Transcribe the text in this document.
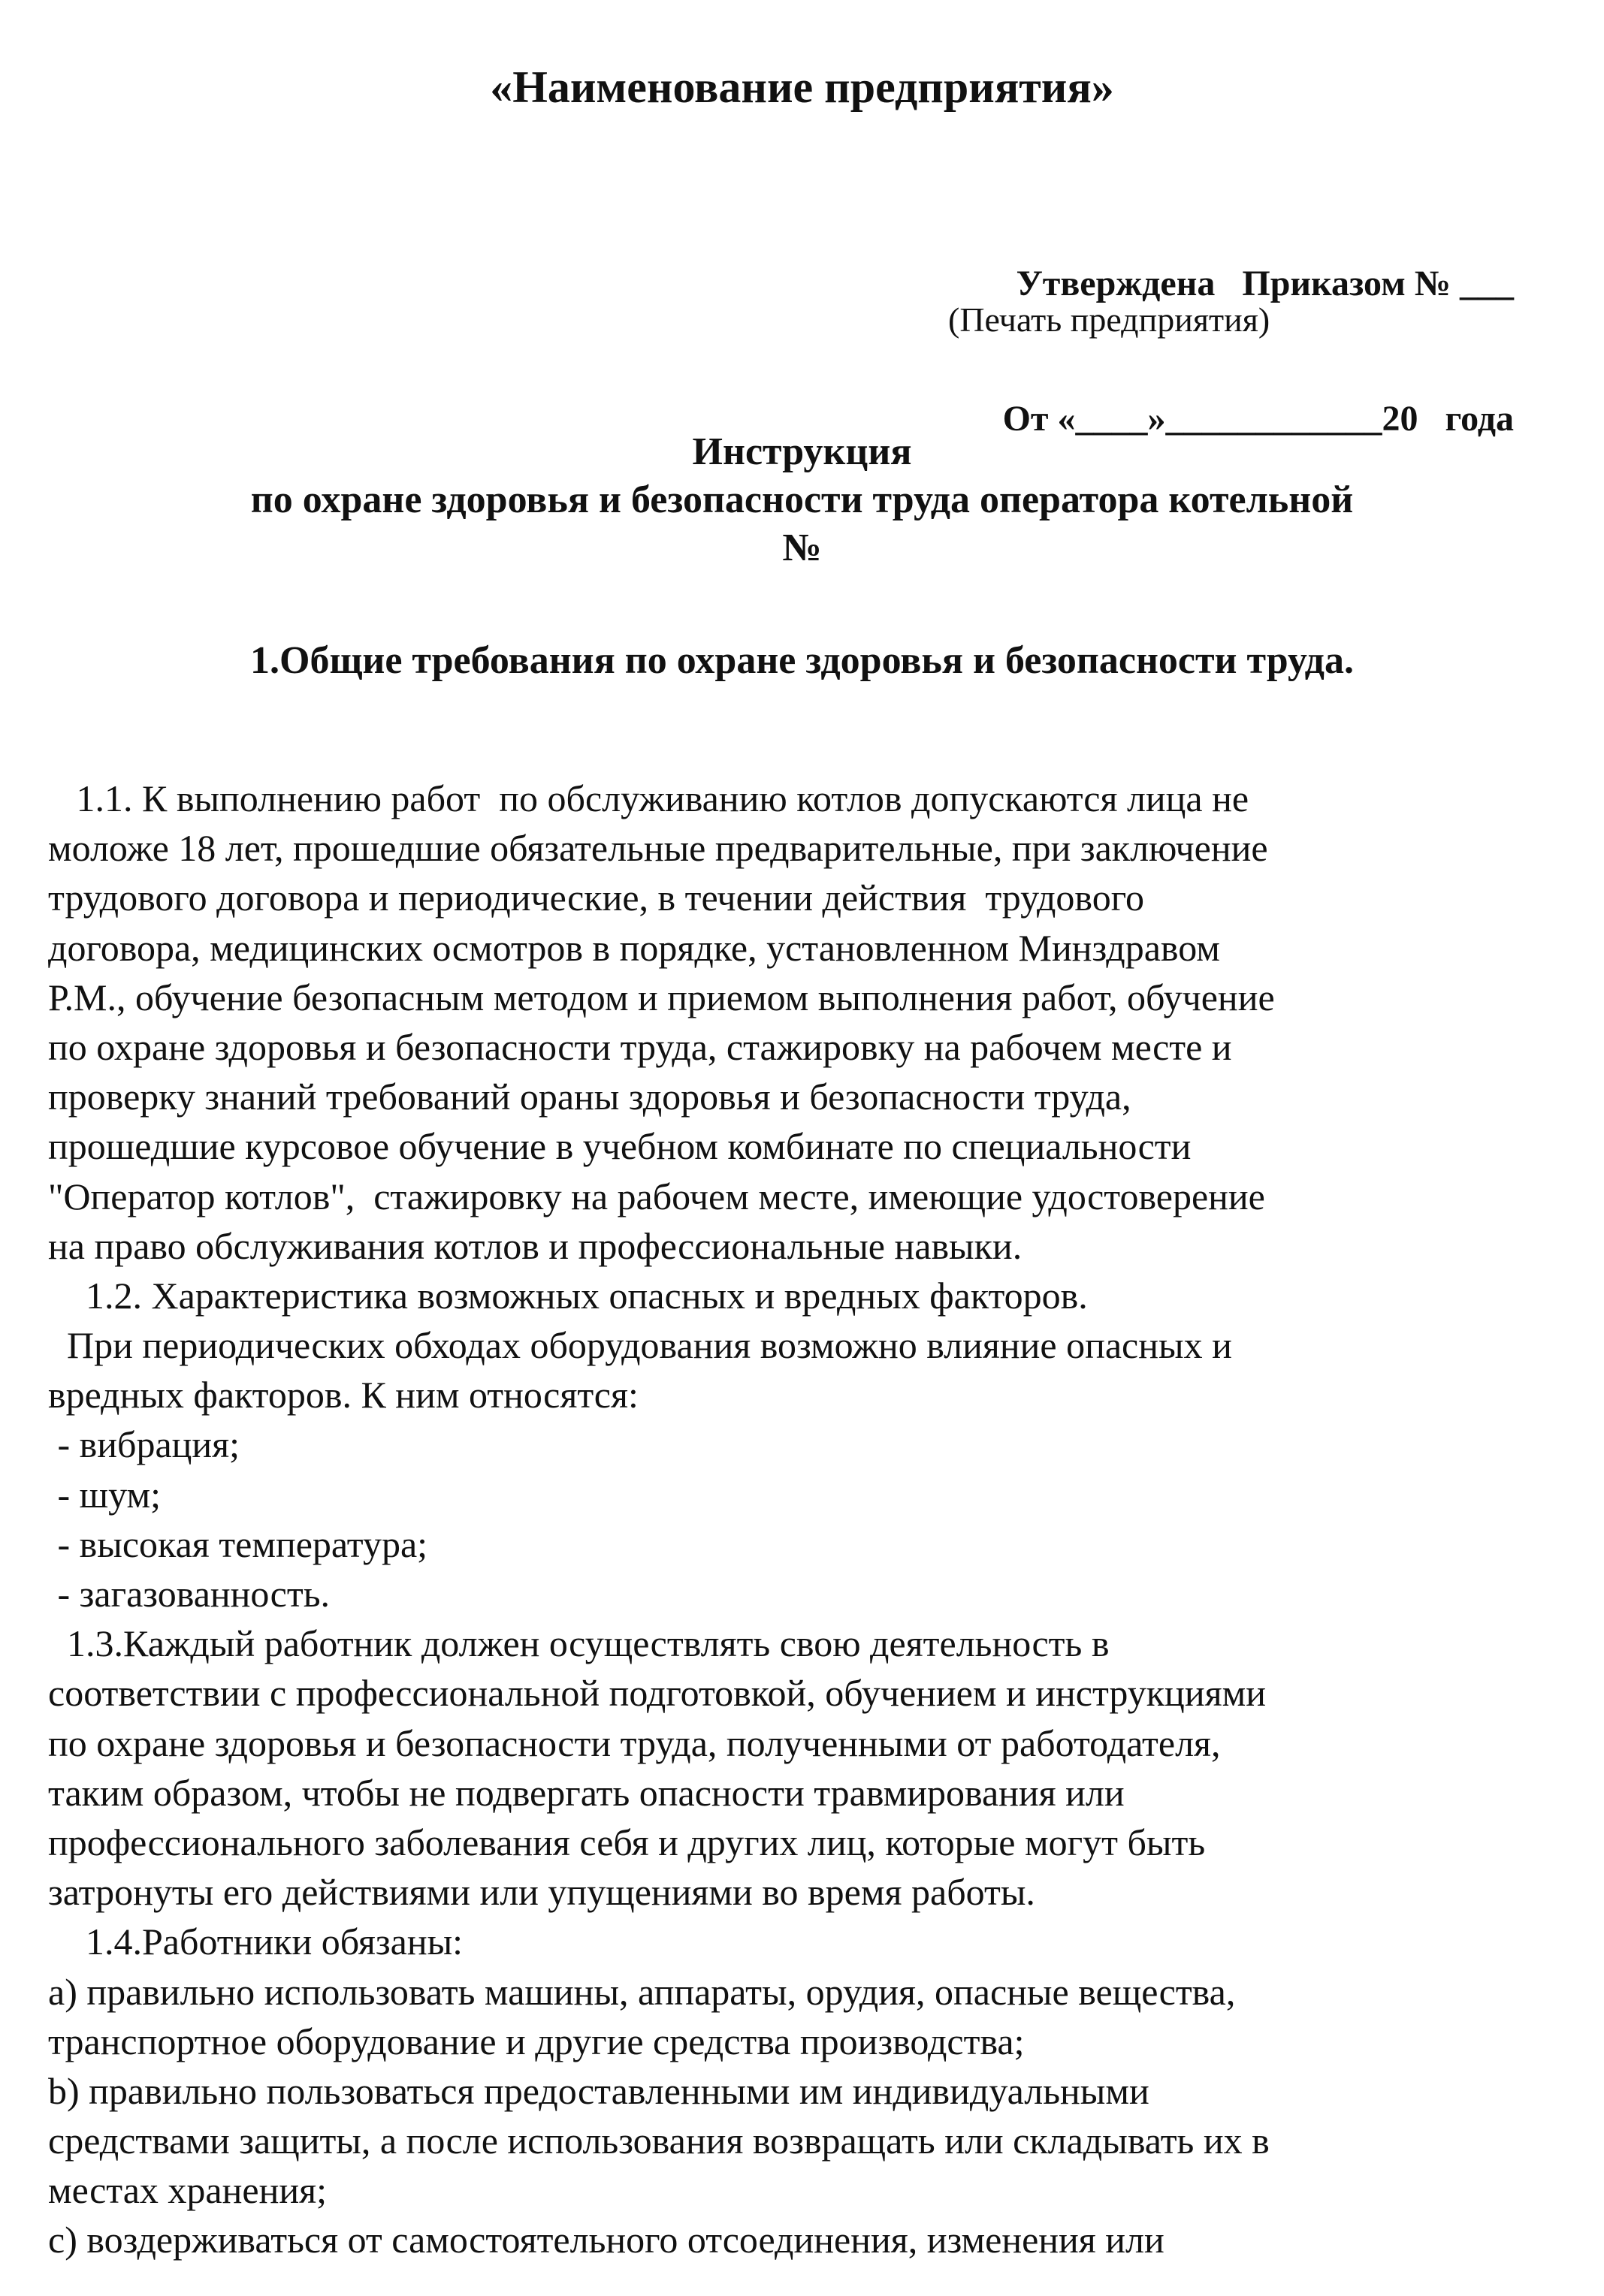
«Наименование предприятия»

Утверждена   Приказом № ___

От «____»____________20   года

(Печать предприятия)
Инструкция
по охране здоровья и безопасности труда оператора котельной
№
1.Общие требования по охране здоровья и безопасности труда.
1.1. К выполнению работ  по обслуживанию котлов допускаются лица не
моложе 18 лет, прошедшие обязательные предварительные, при заключение
трудового договора и периодические, в течении действия  трудового
договора, медицинских осмотров в порядке, установленном Минздравом
Р.М., обучение безопасным методом и приемом выполнения работ, обучение
по охране здоровья и безопасности труда, стажировку на рабочем месте и
проверку знаний требований ораны здоровья и безопасности труда,
прошедшие курсовое обучение в учебном комбинате по специальности
"Оператор котлов",  стажировку на рабочем месте, имеющие удостоверение
на право обслуживания котлов и профессиональные навыки.
1.2. Характеристика возможных опасных и вредных факторов.
При периодических обходах оборудования возможно влияние опасных и
вредных факторов. К ним относятся:
- вибрация;
- шум;
- высокая температура;
- загазованность.
1.3.Каждый работник должен осуществлять свою деятельность в
соответствии с профессиональной подготовкой, обучением и инструкциями
по охране здоровья и безопасности труда, полученными от работодателя,
таким образом, чтобы не подвергать опасности травмирования или
профессионального заболевания себя и других лиц, которые могут быть
затронуты его действиями или упущениями во время работы.
1.4.Работники обязаны:
a) правильно использовать машины, аппараты, орудия, опасные вещества,
транспортное оборудование и другие средства производства;
b) правильно пользоваться предоставленными им индивидуальными
средствами защиты, а после использования возвращать или складывать их в
местах хранения;
c) воздерживаться от самостоятельного отсоединения, изменения или
